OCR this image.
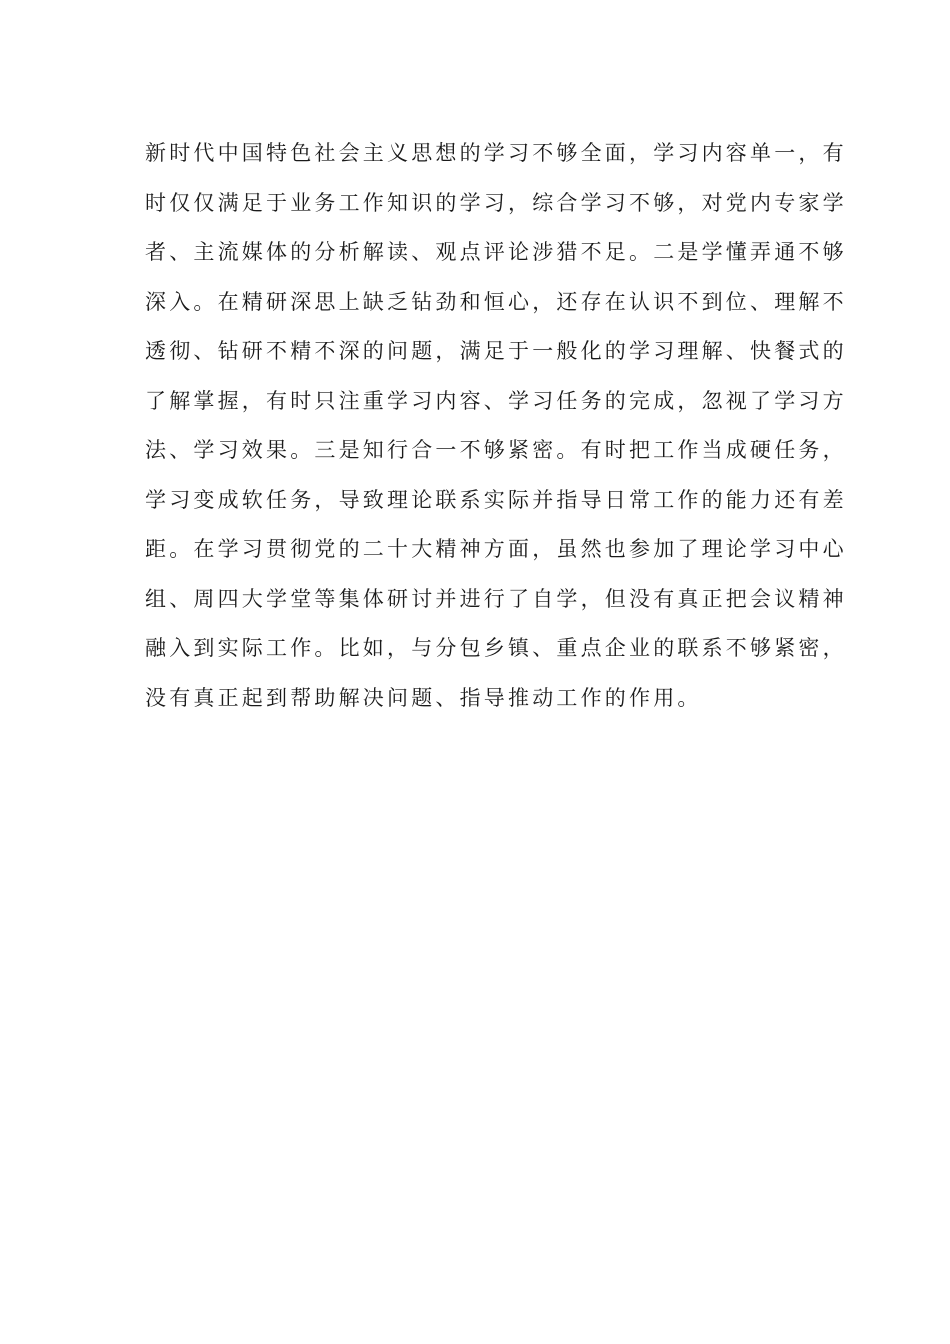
新时代中国特色社会主义思想的学习不够全面，学习内容单一，有
时仅仅满足于业务工作知识的学习，综合学习不够，对党内专家学
者、主流媒体的分析解读、观点评论涉猎不足。二是学懂弄通不够
深入。在精研深思上缺乏钻劲和恒心，还存在认识不到位、理解不
透彻、钻研不精不深的问题，满足于一般化的学习理解、快餐式的
了解掌握，有时只注重学习内容、学习任务的完成，忽视了学习方
法、学习效果。三是知行合一不够紧密。有时把工作当成硬任务，
学习变成软任务，导致理论联系实际并指导日常工作的能力还有差
距。在学习贯彻党的二十大精神方面，虽然也参加了理论学习中心
组、周四大学堂等集体研讨并进行了自学，但没有真正把会议精神
融入到实际工作。比如，与分包乡镇、重点企业的联系不够紧密，
没有真正起到帮助解决问题、指导推动工作的作用。
